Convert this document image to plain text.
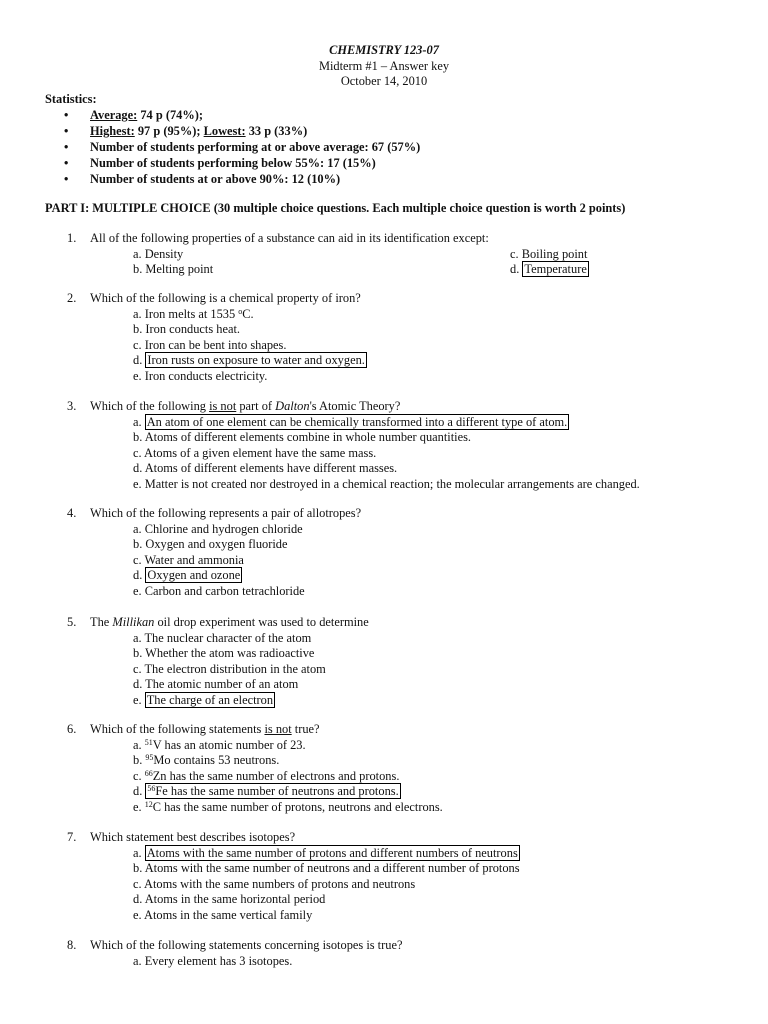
CHEMISTRY 123-07
Midterm #1 – Answer key
October 14, 2010
Statistics:
• Average: 74 p (74%);
• Highest: 97 p (95%); Lowest: 33 p (33%)
• Number of students performing at or above average: 67 (57%)
• Number of students performing below 55%: 17 (15%)
• Number of students at or above 90%: 12 (10%)
PART I: MULTIPLE CHOICE (30 multiple choice questions. Each multiple choice question is worth 2 points)
1. All of the following properties of a substance can aid in its identification except:
a. Density	c. Boiling point
b. Melting point	d. Temperature
2. Which of the following is a chemical property of iron?
a. Iron melts at 1535 $^o$C.
b. Iron conducts heat.
c. Iron can be bent into shapes.
d. Iron rusts on exposure to water and oxygen.
e. Iron conducts electricity.
3. Which of the following is not part of Dalton's Atomic Theory?
a. An atom of one element can be chemically transformed into a different type of atom.
b. Atoms of different elements combine in whole number quantities.
c. Atoms of a given element have the same mass.
d. Atoms of different elements have different masses.
e. Matter is not created nor destroyed in a chemical reaction; the molecular arrangements are changed.
4. Which of the following represents a pair of allotropes?
a. Chlorine and hydrogen chloride
b. Oxygen and oxygen fluoride
c. Water and ammonia
d. Oxygen and ozone
e. Carbon and carbon tetrachloride
5. The Millikan oil drop experiment was used to determine
a. The nuclear character of the atom
b. Whether the atom was radioactive
c. The electron distribution in the atom
d. The atomic number of an atom
e. The charge of an electron
6. Which of the following statements is not true?
a. $^{51}$V has an atomic number of 23.
b. $^{95}$Mo contains 53 neutrons.
c. $^{66}$Zn has the same number of electrons and protons.
d. $^{56}$Fe has the same number of neutrons and protons.
e. $^{12}$C has the same number of protons, neutrons and electrons.
7. Which statement best describes isotopes?
a. Atoms with the same number of protons and different numbers of neutrons
b. Atoms with the same number of neutrons and a different number of protons
c. Atoms with the same numbers of protons and neutrons
d. Atoms in the same horizontal period
e. Atoms in the same vertical family
8. Which of the following statements concerning isotopes is true?
a. Every element has 3 isotopes.
